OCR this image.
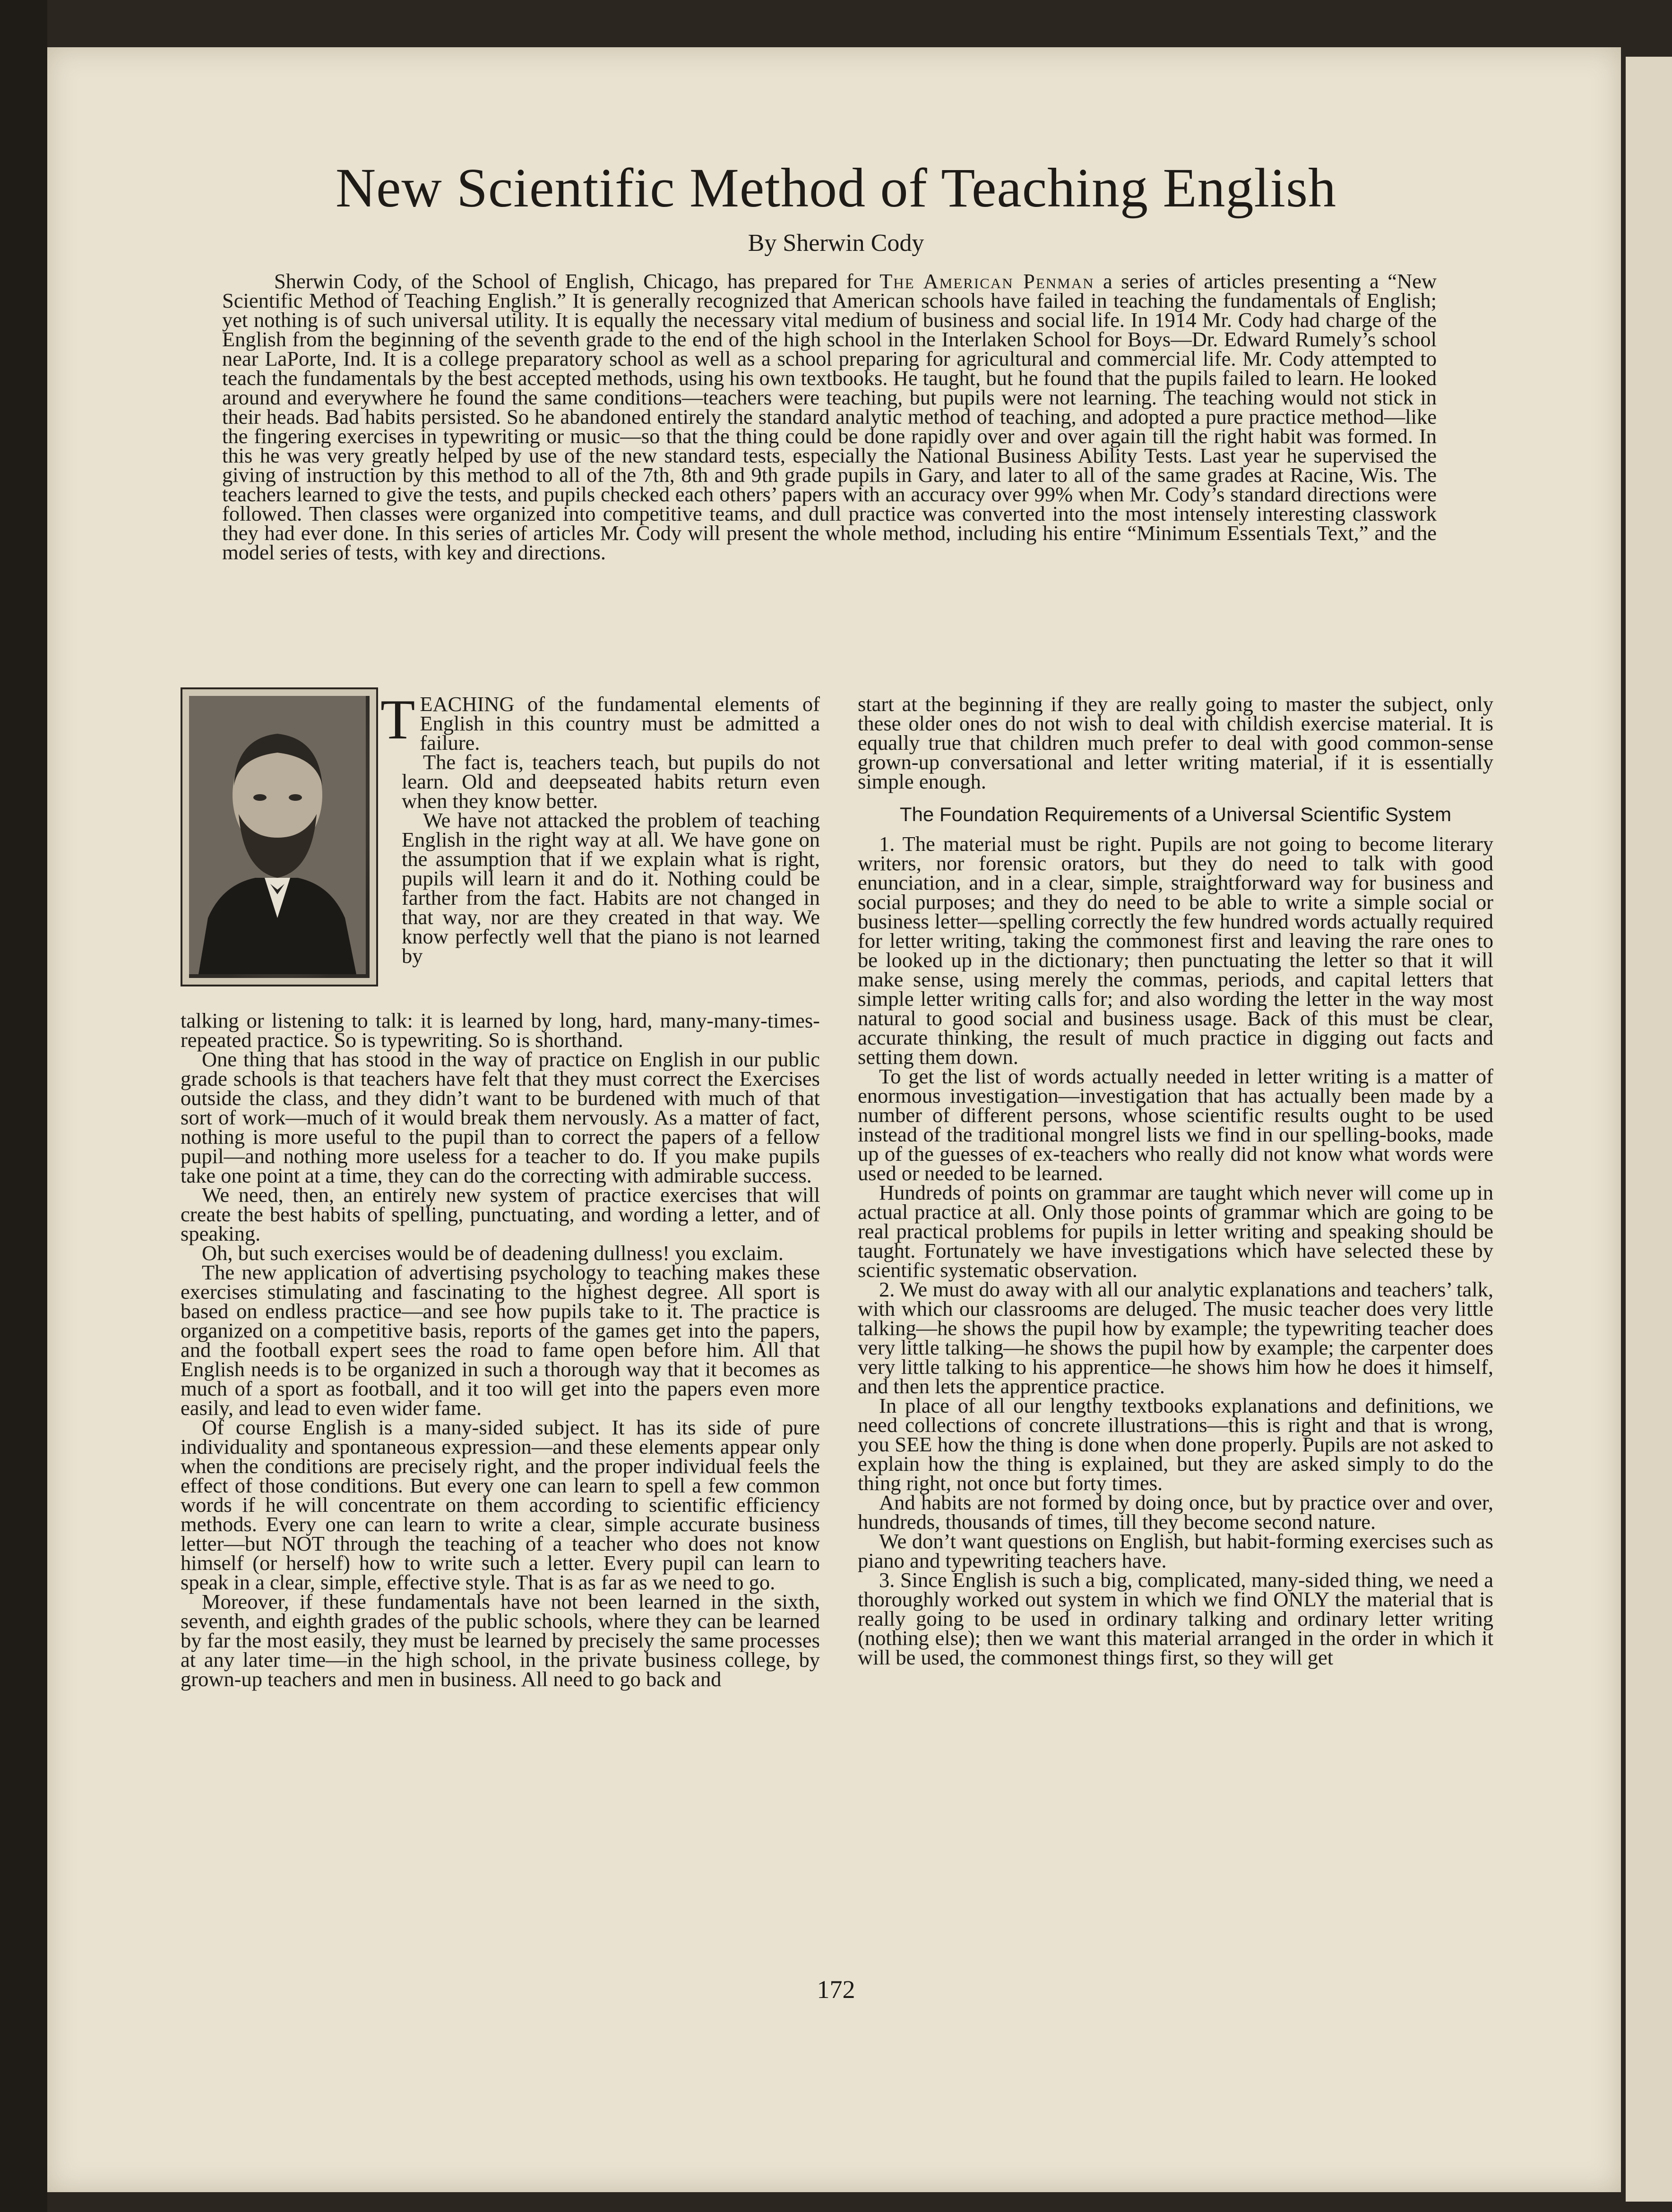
New Scientific Method of Teaching English
By Sherwin Cody
Sherwin Cody, of the School of English, Chicago, has prepared for The American Penman a series of articles presenting a “New Scientific Method of Teaching English.” It is generally recognized that American schools have failed in teaching the fundamentals of English; yet nothing is of such universal utility. It is equally the necessary vital medium of business and social life. In 1914 Mr. Cody had charge of the English from the beginning of the seventh grade to the end of the high school in the Interlaken School for Boys—Dr. Edward Rumely’s school near LaPorte, Ind. It is a college preparatory school as well as a school preparing for agricultural and commercial life. Mr. Cody attempted to teach the fundamentals by the best accepted methods, using his own textbooks. He taught, but he found that the pupils failed to learn. He looked around and everywhere he found the same conditions—teachers were teaching, but pupils were not learning. The teaching would not stick in their heads. Bad habits persisted. So he abandoned entirely the standard analytic method of teaching, and adopted a pure practice method—like the fingering exercises in typewriting or music—so that the thing could be done rapidly over and over again till the right habit was formed. In this he was very greatly helped by use of the new standard tests, especially the National Business Ability Tests. Last year he supervised the giving of instruction by this method to all of the 7th, 8th and 9th grade pupils in Gary, and later to all of the same grades at Racine, Wis. The teachers learned to give the tests, and pupils checked each others’ papers with an accuracy over 99% when Mr. Cody’s standard directions were followed. Then classes were organized into competitive teams, and dull practice was converted into the most intensely interesting classwork they had ever done. In this series of articles Mr. Cody will present the whole method, including his entire “Minimum Essentials Text,” and the model series of tests, with key and directions.

TEACHING of the fundamental elements of English in this country must be admitted a failure.

The fact is, teachers teach, but pupils do not learn. Old and deepseated habits return even when they know better.

We have not attacked the problem of teaching English in the right way at all. We have gone on the assumption that if we explain what is right, pupils will learn it and do it. Nothing could be farther from the fact. Habits are not changed in that way, nor are they created in that way. We know perfectly well that the piano is not learned by

talking or listening to talk: it is learned by long, hard, many-many-times-repeated practice. So is typewriting. So is shorthand.

One thing that has stood in the way of practice on English in our public grade schools is that teachers have felt that they must correct the Exercises outside the class, and they didn’t want to be burdened with much of that sort of work—much of it would break them nervously. As a matter of fact, nothing is more useful to the pupil than to correct the papers of a fellow pupil—and nothing more useless for a teacher to do. If you make pupils take one point at a time, they can do the correcting with admirable success.

We need, then, an entirely new system of practice exercises that will create the best habits of spelling, punctuating, and wording a letter, and of speaking.

Oh, but such exercises would be of deadening dullness! you exclaim.

The new application of advertising psychology to teaching makes these exercises stimulating and fascinating to the highest degree. All sport is based on endless practice—and see how pupils take to it. The practice is organized on a competitive basis, reports of the games get into the papers, and the football expert sees the road to fame open before him. All that English needs is to be organized in such a thorough way that it becomes as much of a sport as football, and it too will get into the papers even more easily, and lead to even wider fame.

Of course English is a many-sided subject. It has its side of pure individuality and spontaneous expression—and these elements appear only when the conditions are precisely right, and the proper individual feels the effect of those conditions. But every one can learn to spell a few common words if he will concentrate on them according to scientific efficiency methods. Every one can learn to write a clear, simple accurate business letter—but NOT through the teaching of a teacher who does not know himself (or herself) how to write such a letter. Every pupil can learn to speak in a clear, simple, effective style. That is as far as we need to go.

Moreover, if these fundamentals have not been learned in the sixth, seventh, and eighth grades of the public schools, where they can be learned by far the most easily, they must be learned by precisely the same processes at any later time—in the high school, in the private business college, by grown-up teachers and men in business. All need to go back and

start at the beginning if they are really going to master the subject, only these older ones do not wish to deal with childish exercise material. It is equally true that children much prefer to deal with good common-sense grown-up conversational and letter writing material, if it is essentially simple enough.

The Foundation Requirements of a Universal Scientific System

1. The material must be right. Pupils are not going to become literary writers, nor forensic orators, but they do need to talk with good enunciation, and in a clear, simple, straightforward way for business and social purposes; and they do need to be able to write a simple social or business letter—spelling correctly the few hundred words actually required for letter writing, taking the commonest first and leaving the rare ones to be looked up in the dictionary; then punctuating the letter so that it will make sense, using merely the commas, periods, and capital letters that simple letter writing calls for; and also wording the letter in the way most natural to good social and business usage. Back of this must be clear, accurate thinking, the result of much practice in digging out facts and setting them down.

To get the list of words actually needed in letter writing is a matter of enormous investigation—investigation that has actually been made by a number of different persons, whose scientific results ought to be used instead of the traditional mongrel lists we find in our spelling-books, made up of the guesses of ex-teachers who really did not know what words were used or needed to be learned.

Hundreds of points on grammar are taught which never will come up in actual practice at all. Only those points of grammar which are going to be real practical problems for pupils in letter writing and speaking should be taught. Fortunately we have investigations which have selected these by scientific systematic observation.

2. We must do away with all our analytic explanations and teachers’ talk, with which our classrooms are deluged. The music teacher does very little talking—he shows the pupil how by example; the typewriting teacher does very little talking—he shows the pupil how by example; the carpenter does very little talking to his apprentice—he shows him how he does it himself, and then lets the apprentice practice.

In place of all our lengthy textbooks explanations and definitions, we need collections of concrete illustrations—this is right and that is wrong, you SEE how the thing is done when done properly. Pupils are not asked to explain how the thing is explained, but they are asked simply to do the thing right, not once but forty times.

And habits are not formed by doing once, but by practice over and over, hundreds, thousands of times, till they become second nature.

We don’t want questions on English, but habit-forming exercises such as piano and typewriting teachers have.

3. Since English is such a big, complicated, many-sided thing, we need a thoroughly worked out system in which we find ONLY the material that is really going to be used in ordinary talking and ordinary letter writing (nothing else); then we want this material arranged in the order in which it will be used, the commonest things first, so they will get

172
